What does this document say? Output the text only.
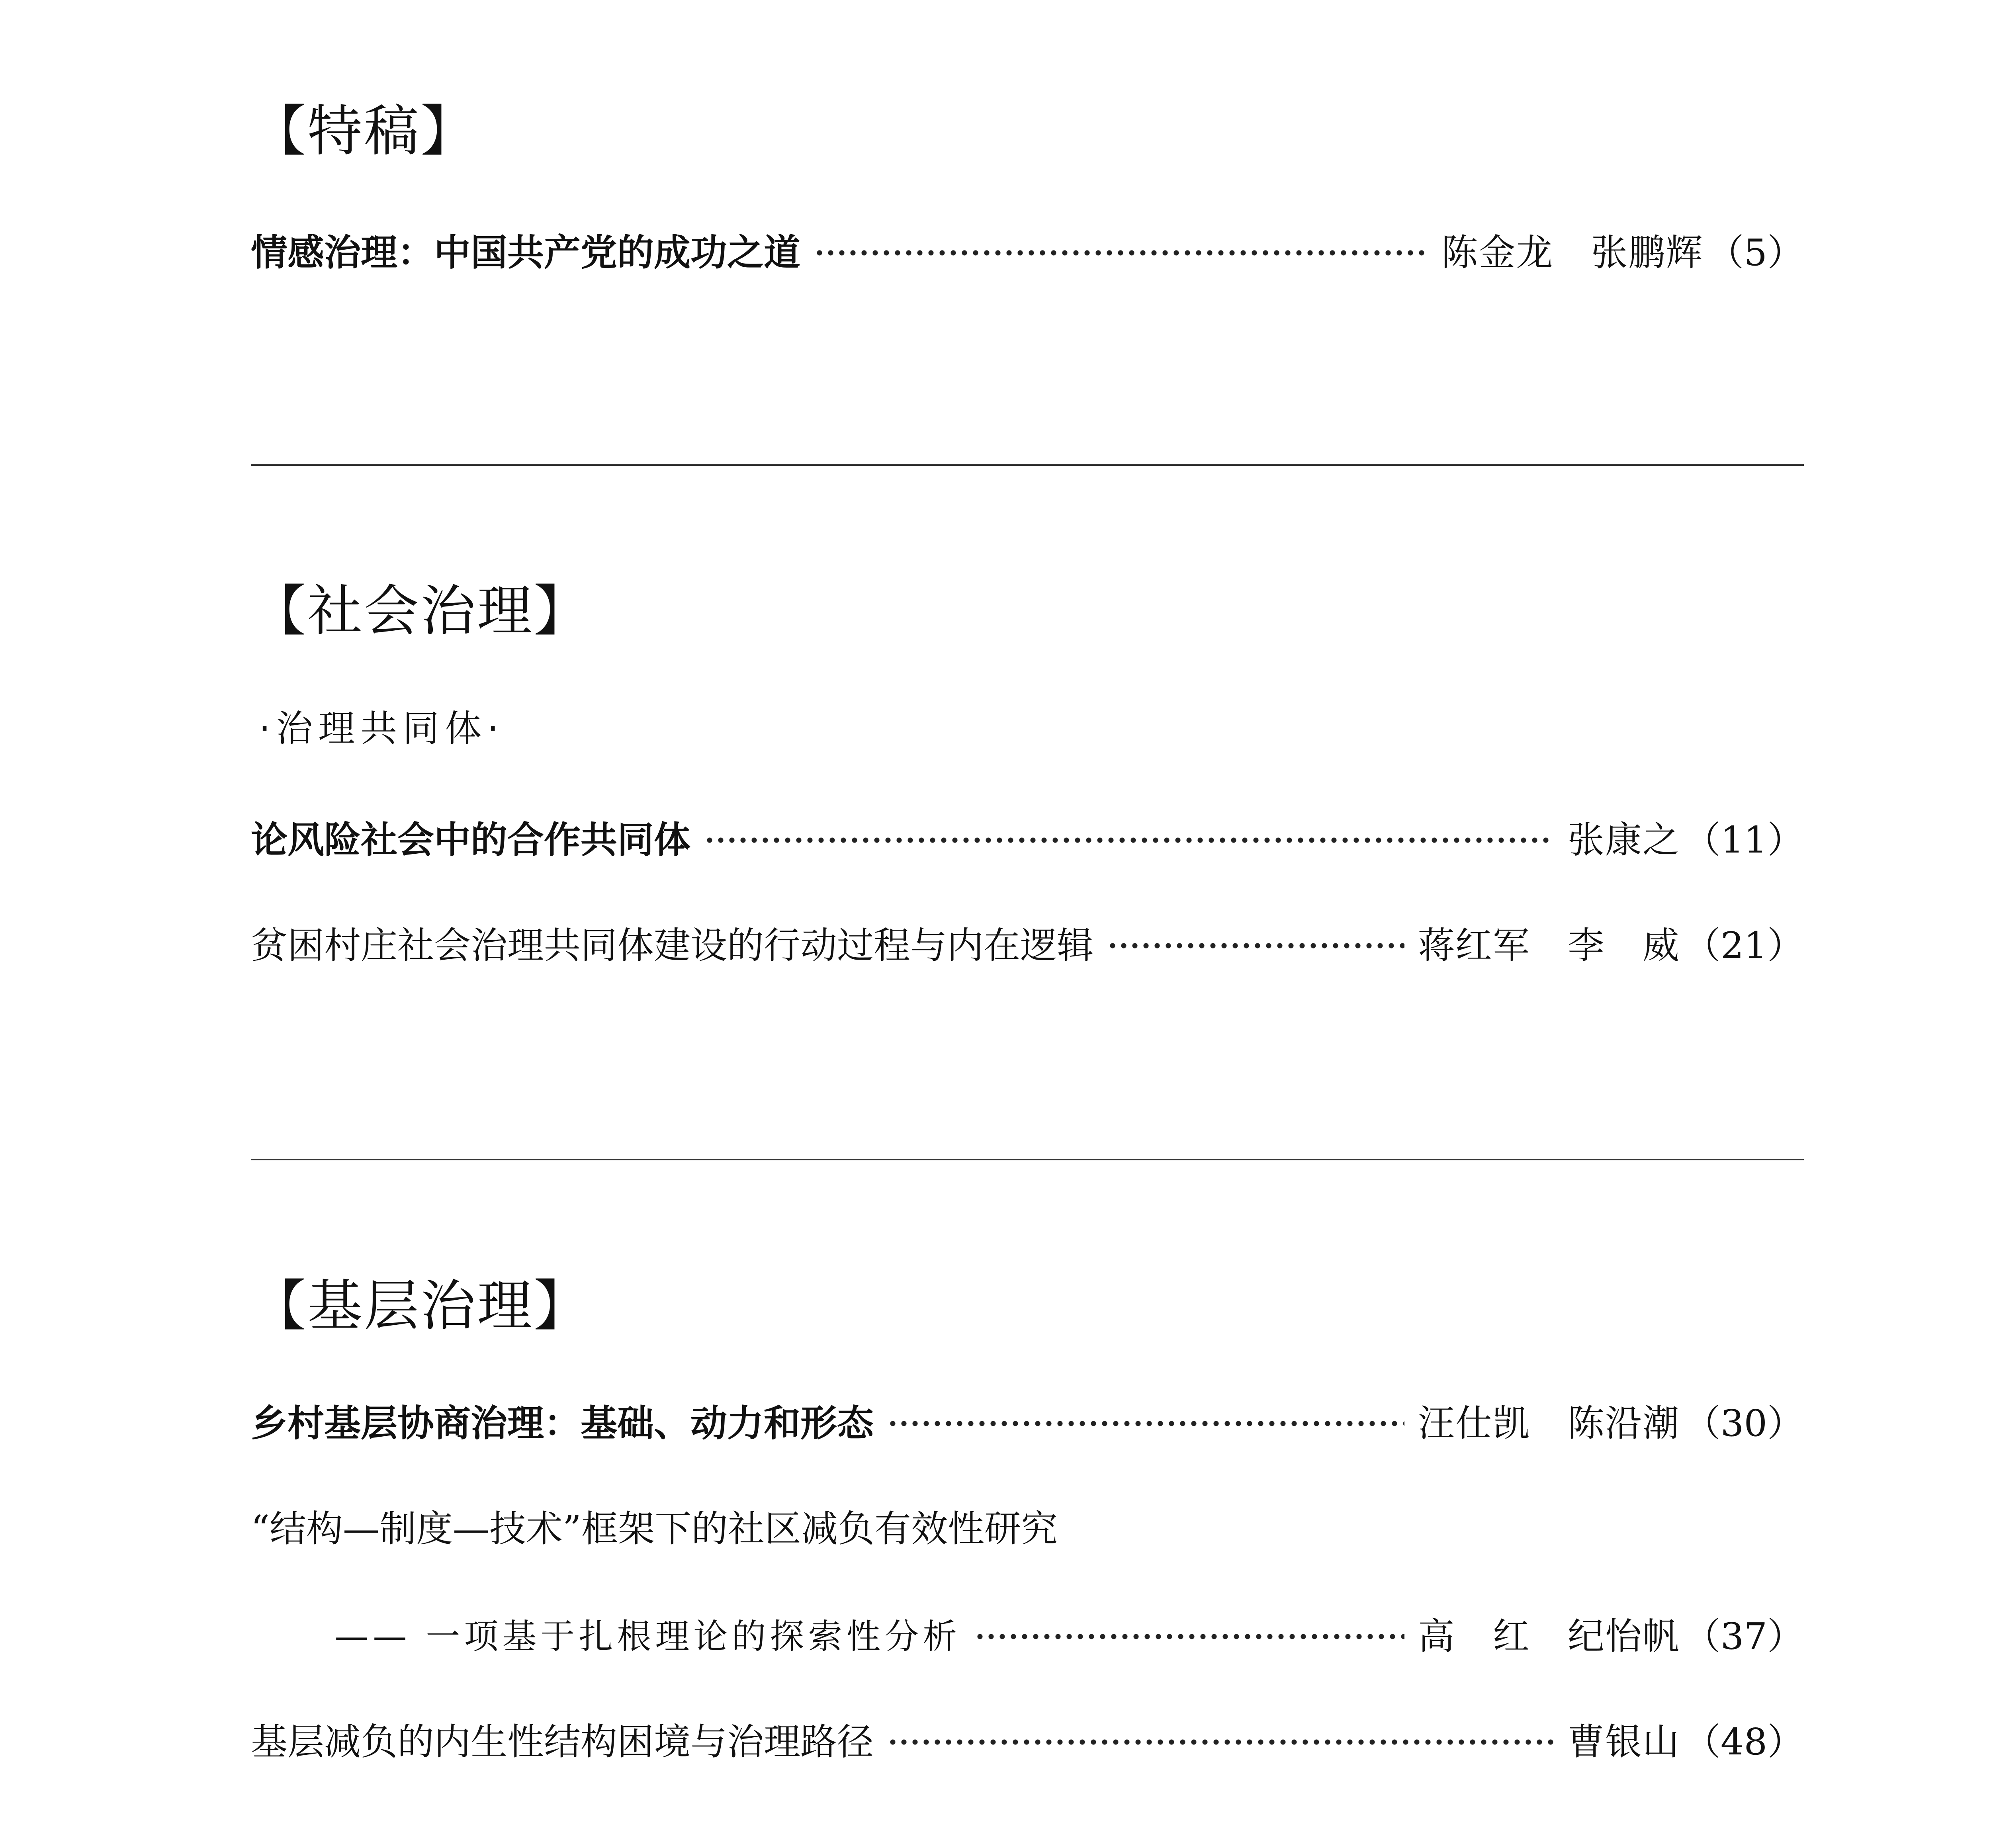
【特稿】
情感治理：中国共产党的成功之道	陈金龙　张鹏辉 （5）
【社会治理】
·治理共同体·
论风险社会中的合作共同体	张康之 （11）
贫困村庄社会治理共同体建设的行动过程与内在逻辑	蒋红军　李　威 （21）
【基层治理】
乡村基层协商治理：基础、动力和形态	汪仕凯　陈沿潮 （30）
“结构—制度—技术”框架下的社区减负有效性研究
—— 一项基于扎根理论的探索性分析	高　红　纪怡帆 （37）
基层减负的内生性结构困境与治理路径	曹银山 （48）
